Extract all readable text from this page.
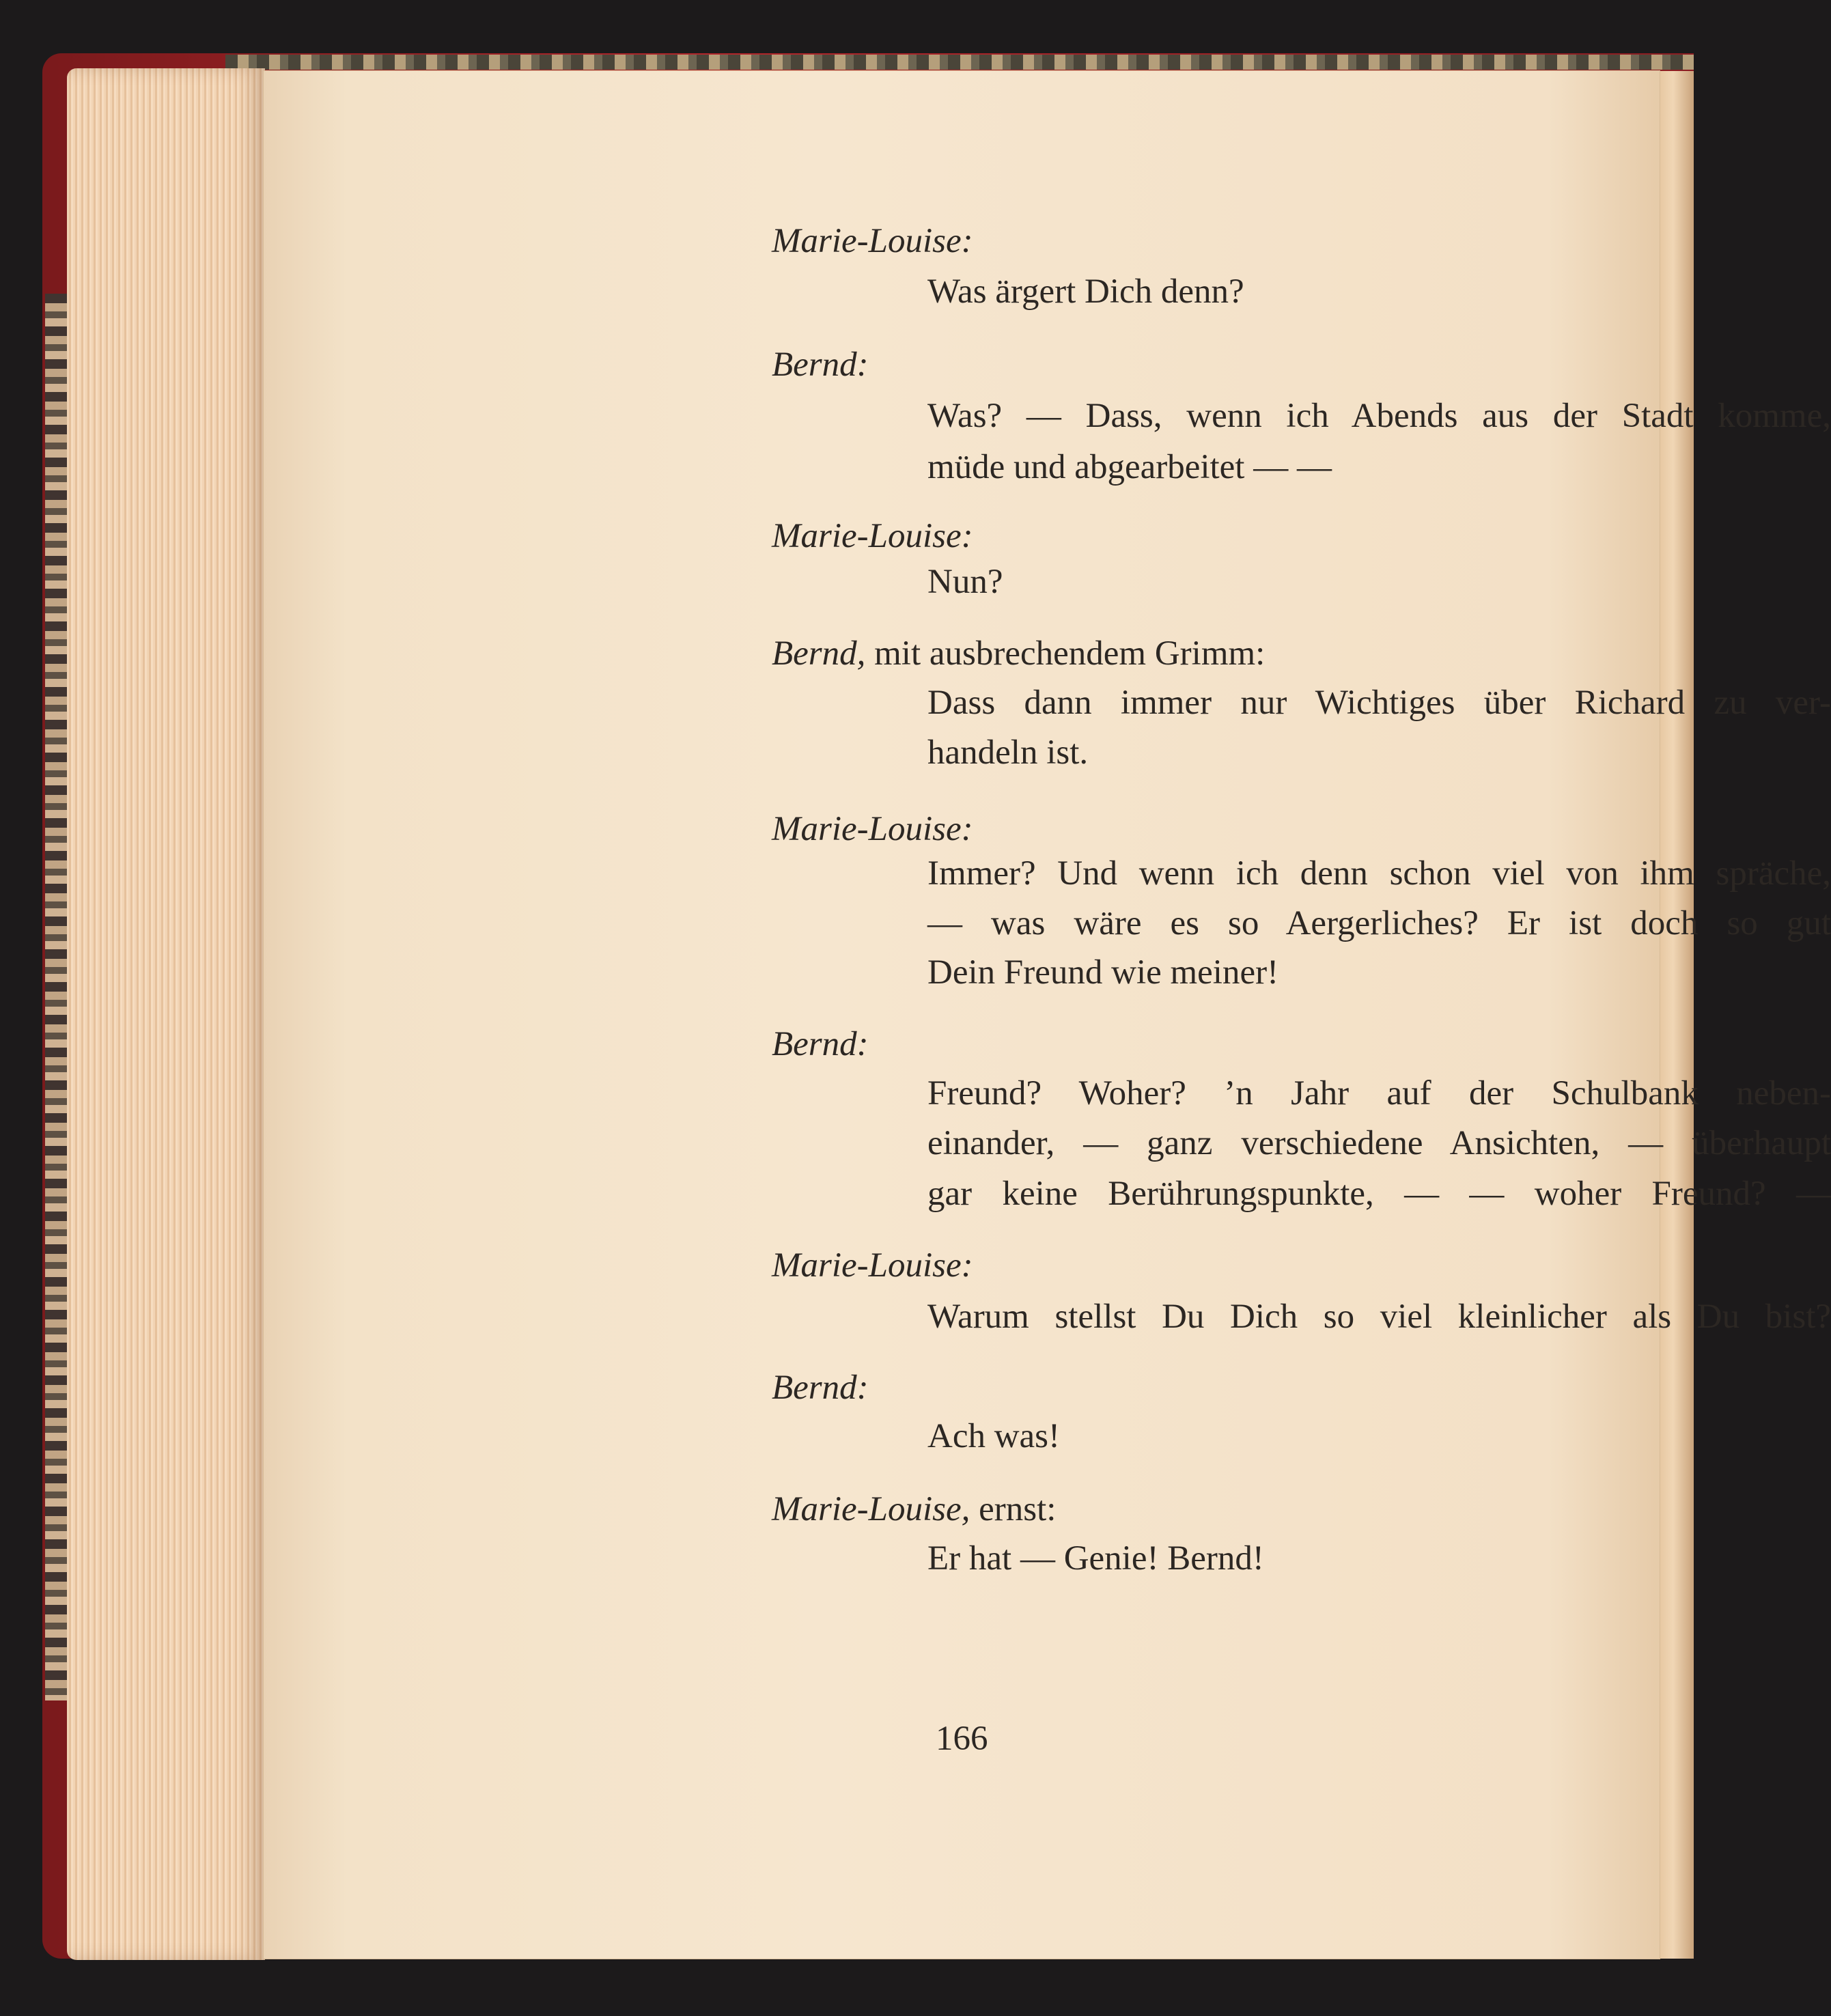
Marie-Louise:
Was ärgert Dich denn?
Bernd:
Was? — Dass, wenn ich Abends aus der Stadt komme,
müde und abgearbeitet — —
Marie-Louise:
Nun?
Bernd, mit ausbrechendem Grimm:
Dass dann immer nur Wichtiges über Richard zu ver-
handeln ist.
Marie-Louise:
Immer? Und wenn ich denn schon viel von ihm spräche,
— was wäre es so Aergerliches? Er ist doch so gut
Dein Freund wie meiner!
Bernd:
Freund? Woher? ’n Jahr auf der Schulbank neben-
einander, — ganz verschiedene Ansichten, — überhaupt
gar keine Berührungspunkte, — — woher Freund? —
Marie-Louise:
Warum stellst Du Dich so viel kleinlicher als Du bist?
Bernd:
Ach was!
Marie-Louise, ernst:
Er hat — Genie! Bernd!
166
